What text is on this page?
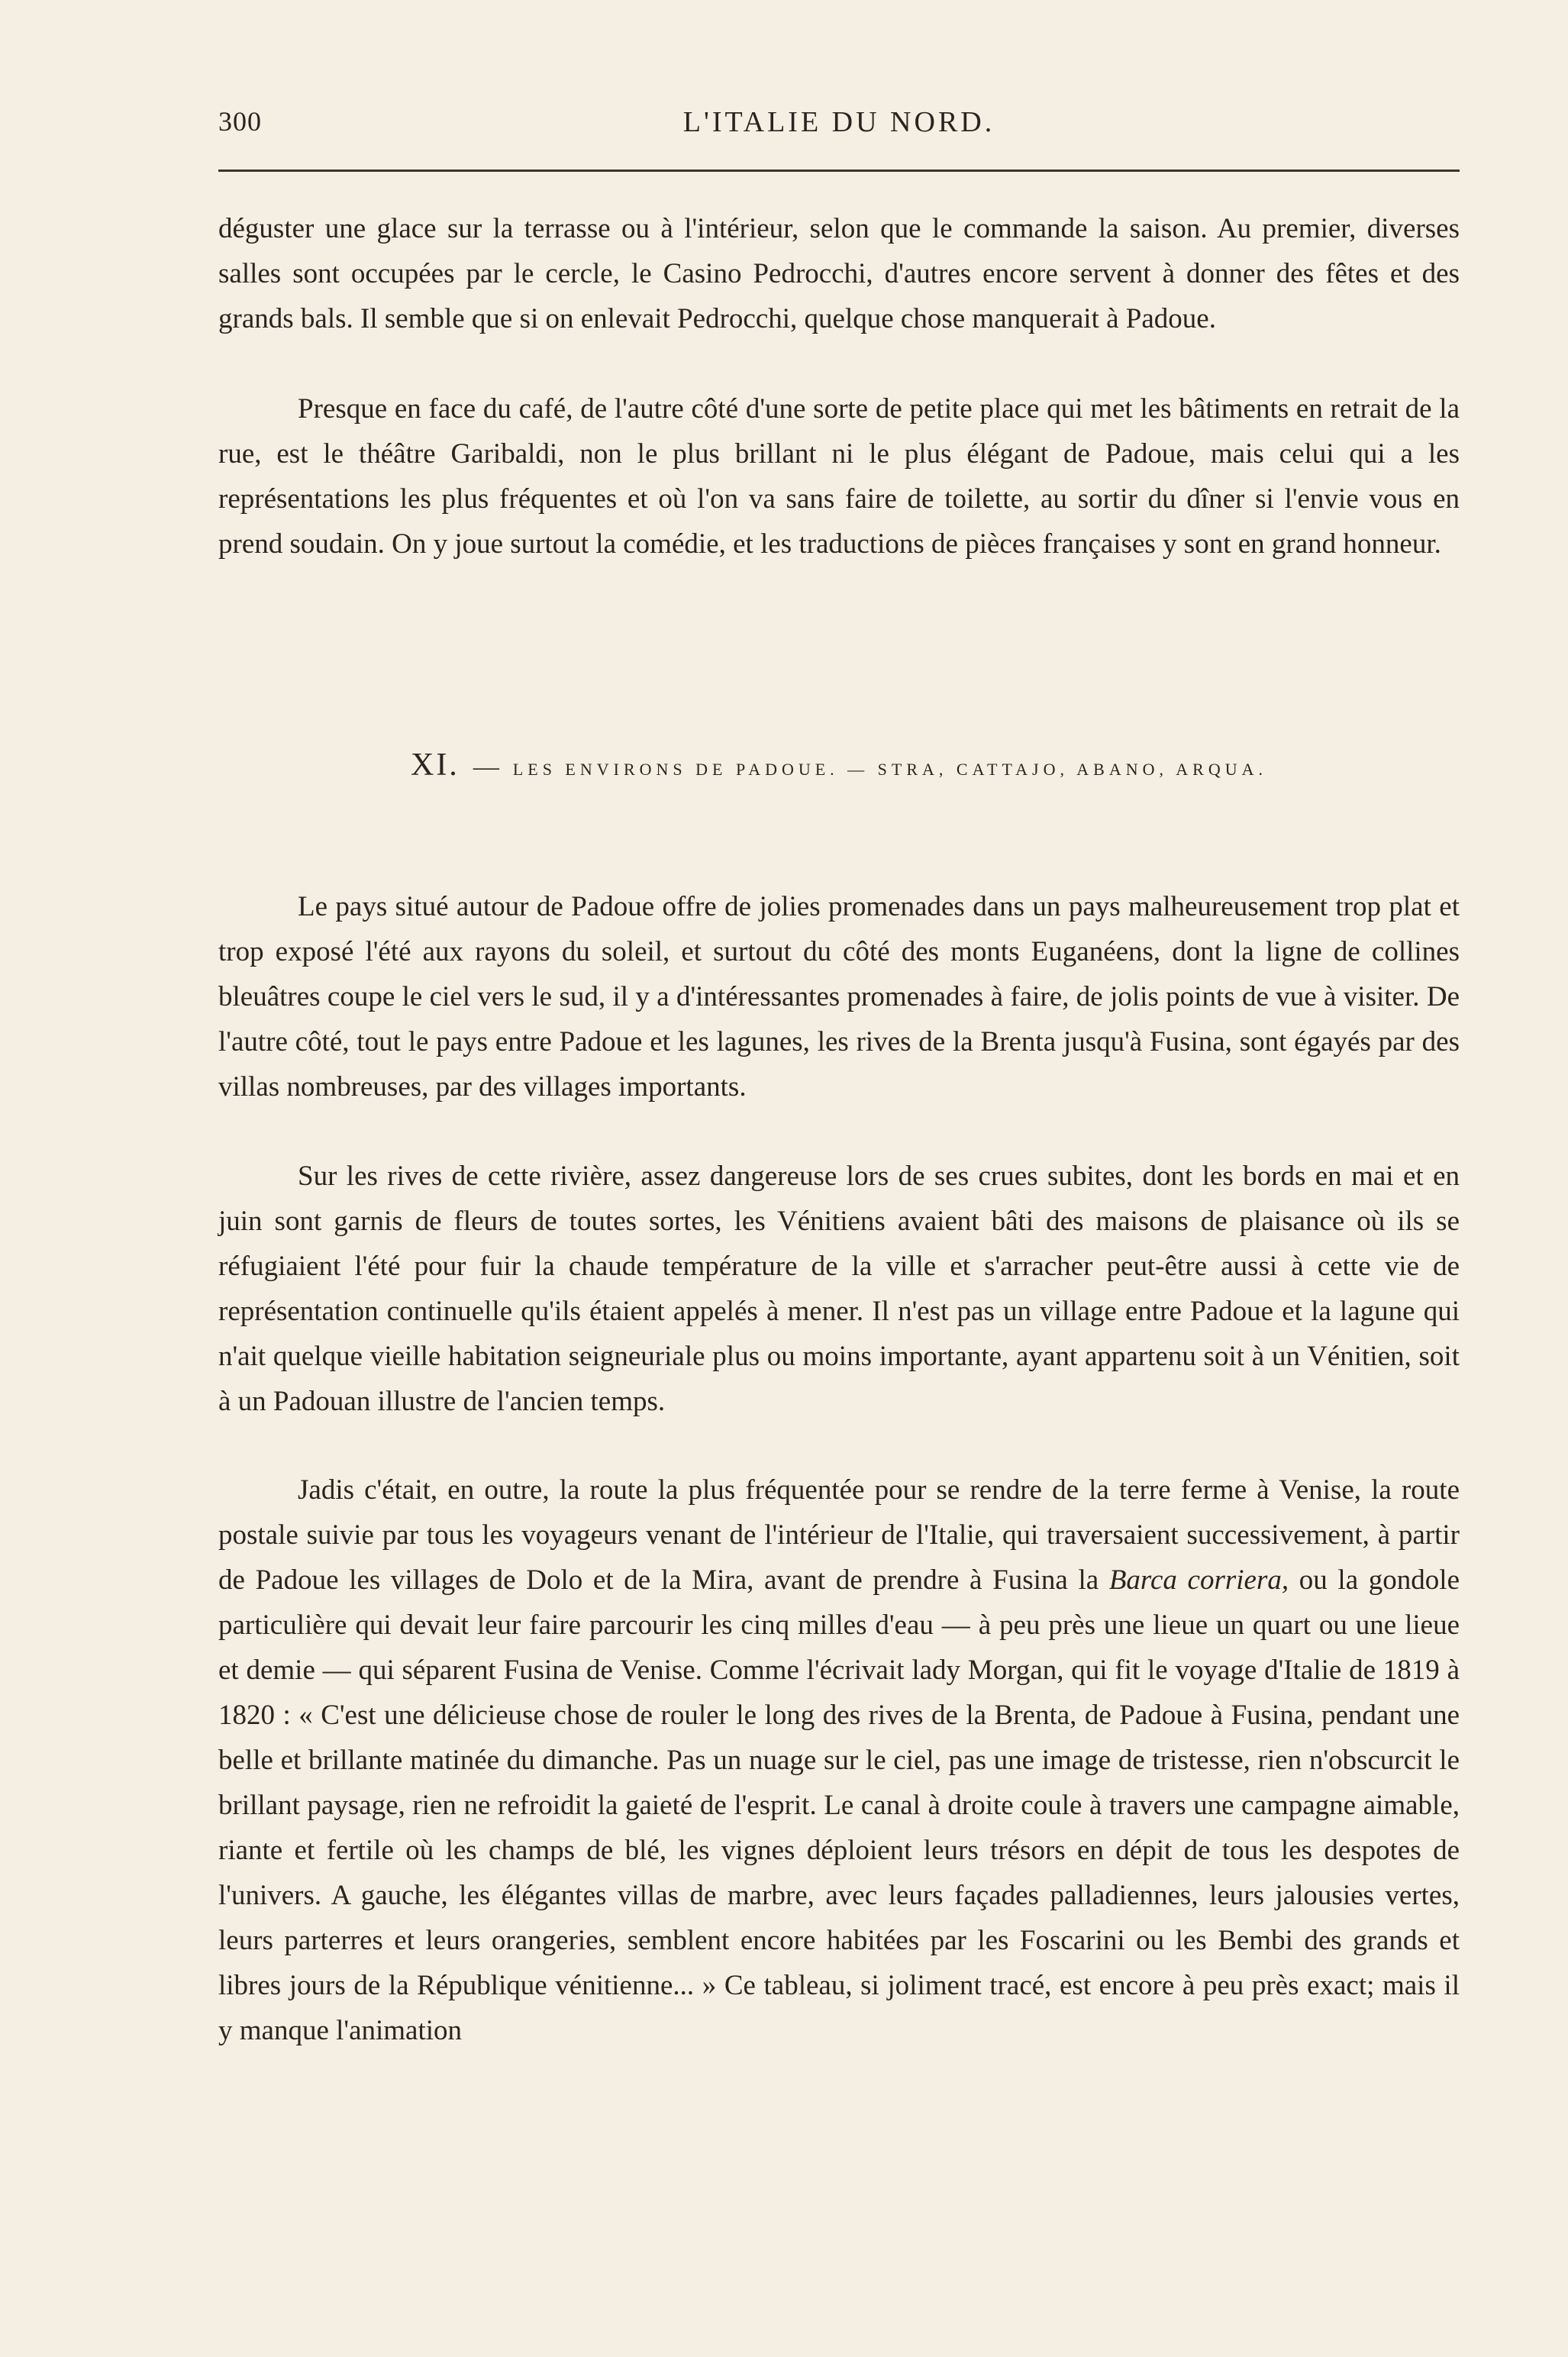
300	L'ITALIE DU NORD.

déguster une glace sur la terrasse ou à l'intérieur, selon que le commande la saison. Au premier, diverses salles sont occupées par le cercle, le Casino Pedrocchi, d'autres encore servent à donner des fêtes et des grands bals. Il semble que si on enlevait Pedrocchi, quelque chose manquerait à Padoue.

Presque en face du café, de l'autre côté d'une sorte de petite place qui met les bâtiments en retrait de la rue, est le théâtre Garibaldi, non le plus brillant ni le plus élégant de Padoue, mais celui qui a les représentations les plus fréquentes et où l'on va sans faire de toilette, au sortir du dîner si l'envie vous en prend soudain. On y joue surtout la comédie, et les traductions de pièces françaises y sont en grand honneur.

XI. — LES ENVIRONS DE PADOUE. — STRA, CATTAJO, ABANO, ARQUA.

Le pays situé autour de Padoue offre de jolies promenades dans un pays malheureusement trop plat et trop exposé l'été aux rayons du soleil, et surtout du côté des monts Euganéens, dont la ligne de collines bleuâtres coupe le ciel vers le sud, il y a d'intéressantes promenades à faire, de jolis points de vue à visiter. De l'autre côté, tout le pays entre Padoue et les lagunes, les rives de la Brenta jusqu'à Fusina, sont égayés par des villas nombreuses, par des villages importants.

Sur les rives de cette rivière, assez dangereuse lors de ses crues subites, dont les bords en mai et en juin sont garnis de fleurs de toutes sortes, les Vénitiens avaient bâti des maisons de plaisance où ils se réfugiaient l'été pour fuir la chaude température de la ville et s'arracher peut-être aussi à cette vie de représentation continuelle qu'ils étaient appelés à mener. Il n'est pas un village entre Padoue et la lagune qui n'ait quelque vieille habitation seigneuriale plus ou moins importante, ayant appartenu soit à un Vénitien, soit à un Padouan illustre de l'ancien temps.

Jadis c'était, en outre, la route la plus fréquentée pour se rendre de la terre ferme à Venise, la route postale suivie par tous les voyageurs venant de l'intérieur de l'Italie, qui traversaient successivement, à partir de Padoue les villages de Dolo et de la Mira, avant de prendre à Fusina la Barca corriera, ou la gondole particulière qui devait leur faire parcourir les cinq milles d'eau — à peu près une lieue un quart ou une lieue et demie — qui séparent Fusina de Venise. Comme l'écrivait lady Morgan, qui fit le voyage d'Italie de 1819 à 1820 : « C'est une délicieuse chose de rouler le long des rives de la Brenta, de Padoue à Fusina, pendant une belle et brillante matinée du dimanche. Pas un nuage sur le ciel, pas une image de tristesse, rien n'obscurcit le brillant paysage, rien ne refroidit la gaieté de l'esprit. Le canal à droite coule à travers une campagne aimable, riante et fertile où les champs de blé, les vignes déploient leurs trésors en dépit de tous les despotes de l'univers. A gauche, les élégantes villas de marbre, avec leurs façades palladiennes, leurs jalousies vertes, leurs parterres et leurs orangeries, semblent encore habitées par les Foscarini ou les Bembi des grands et libres jours de la République vénitienne... » Ce tableau, si joliment tracé, est encore à peu près exact; mais il y manque l'animation
